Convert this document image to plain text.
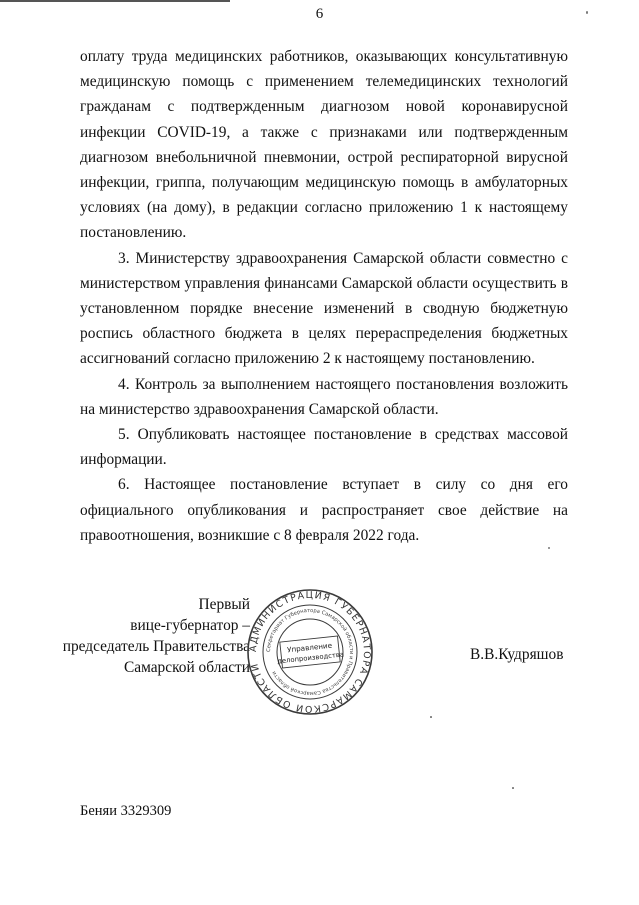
6

оплату труда медицинских работников, оказывающих консультативную медицинскую помощь с применением телемедицинских технологий гражданам с подтвержденным диагнозом новой коронавирусной инфекции COVID-19, а также с признаками или подтвержденным диагнозом внебольничной пневмонии, острой респираторной вирусной инфекции, гриппа, получающим медицинскую помощь в амбулаторных условиях (на дому), в редакции согласно приложению 1 к настоящему постановлению.

3. Министерству здравоохранения Самарской области совместно с министерством управления финансами Самарской области осуществить в установленном порядке внесение изменений в сводную бюджетную роспись областного бюджета в целях перераспределения бюджетных ассигнований согласно приложению 2 к настоящему постановлению.

4. Контроль за выполнением настоящего постановления возложить на министерство здравоохранения Самарской области.

5. Опубликовать настоящее постановление в средствах массовой информации.

6. Настоящее постановление вступает в силу со дня его официального опубликования и распространяет свое действие на правоотношения, возникшие с 8 февраля 2022 года.

Первый
вице-губернатор –
председатель Правительства
Самарской области
АДМИНИСТРАЦИЯ ГУБЕРНАТОРА САМАРСКОЙ ОБЛАСТИ
Секретариат Губернатора Самарской области и Правительства Самарской области
Управление
делопроизводства	В.В.Кудряшов
Беняи 3329309
